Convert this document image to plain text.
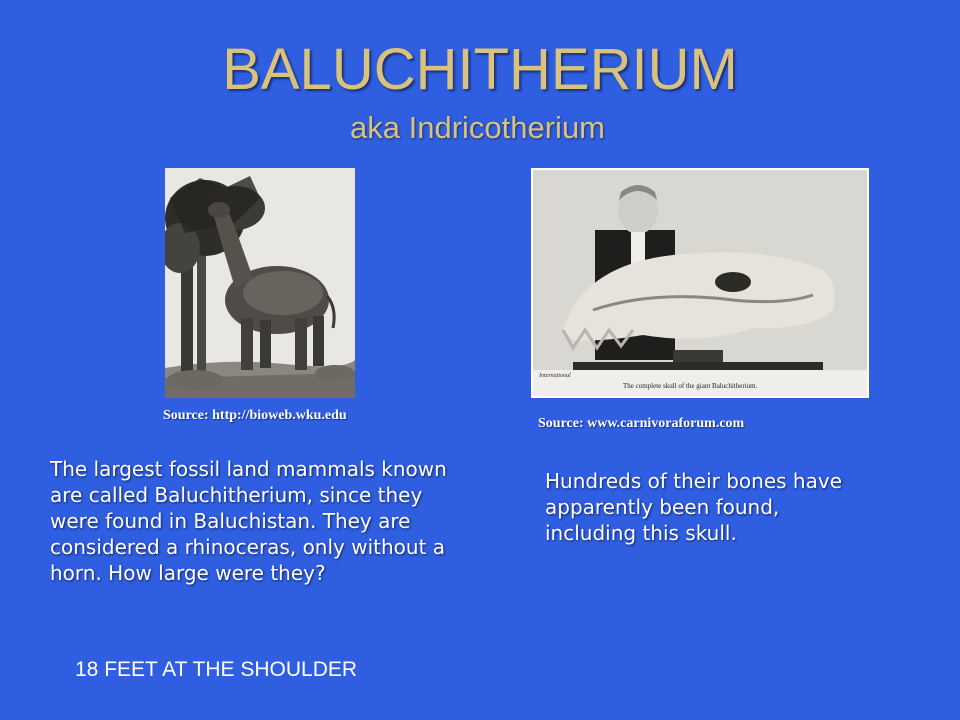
BALUCHITHERIUM
aka Indricotherium
International
The complete skull of the giant Baluchitherium.
Source: http://bioweb.wku.edu
Source: www.carnivoraforum.com
The largest fossil land mammals known are called Baluchitherium, since they were found in Baluchistan. They are considered a rhinoceras, only without a horn. How large were they?
Hundreds of their bones have apparently been found, including this skull.
18 FEET AT THE SHOULDER
